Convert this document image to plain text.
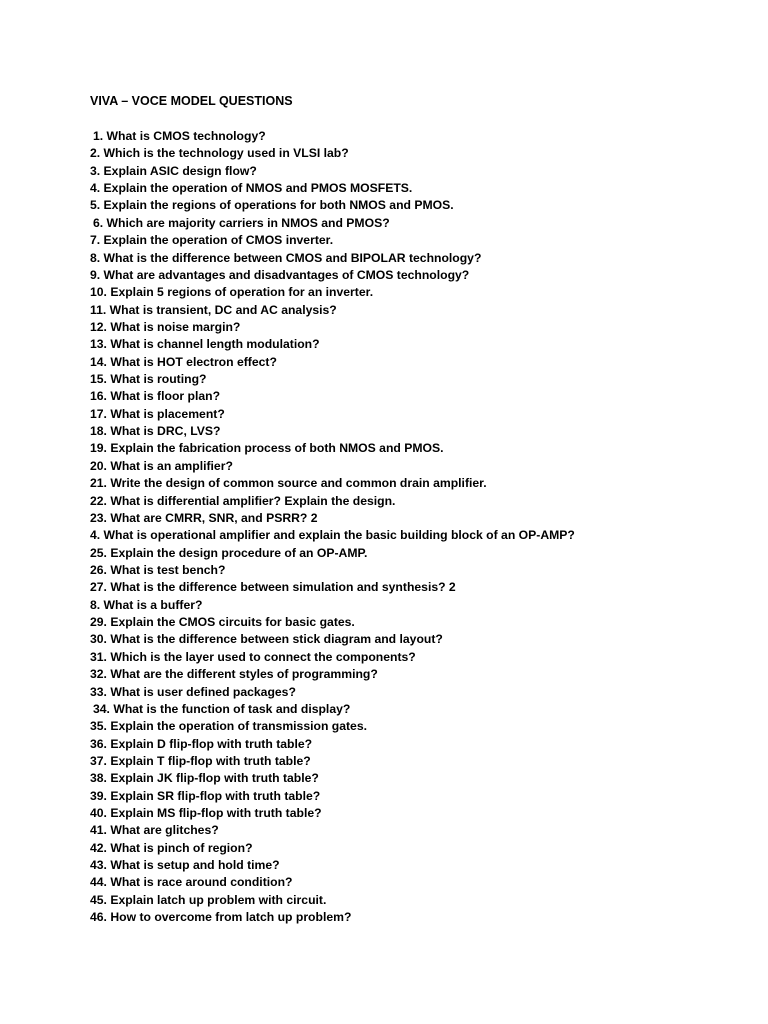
VIVA – VOCE MODEL QUESTIONS
1. What is CMOS technology?
2. Which is the technology used in VLSI lab?
3. Explain ASIC design flow?
4. Explain the operation of NMOS and PMOS MOSFETS.
5. Explain the regions of operations for both NMOS and PMOS.
6. Which are majority carriers in NMOS and PMOS?
7. Explain the operation of CMOS inverter.
8. What is the difference between CMOS and BIPOLAR technology?
9. What are advantages and disadvantages of CMOS technology?
10. Explain 5 regions of operation for an inverter.
11. What is transient, DC and AC analysis?
12. What is noise margin?
13. What is channel length modulation?
14. What is HOT electron effect?
15. What is routing?
16. What is floor plan?
17. What is placement?
18. What is DRC, LVS?
19. Explain the fabrication process of both NMOS and PMOS.
20. What is an amplifier?
21. Write the design of common source and common drain amplifier.
22. What is differential amplifier? Explain the design.
23. What are CMRR, SNR, and PSRR? 2
4. What is operational amplifier and explain the basic building block of an OP-AMP?
25. Explain the design procedure of an OP-AMP.
26. What is test bench?
27. What is the difference between simulation and synthesis? 2
8. What is a buffer?
29. Explain the CMOS circuits for basic gates.
30. What is the difference between stick diagram and layout?
31. Which is the layer used to connect the components?
32. What are the different styles of programming?
33. What is user defined packages?
34. What is the function of task and display?
35. Explain the operation of transmission gates.
36. Explain D flip-flop with truth table?
37. Explain T flip-flop with truth table?
38. Explain JK flip-flop with truth table?
39. Explain SR flip-flop with truth table?
40. Explain MS flip-flop with truth table?
41. What are glitches?
42. What is pinch of region?
43. What is setup and hold time?
44. What is race around condition?
45. Explain latch up problem with circuit.
46. How to overcome from latch up problem?
